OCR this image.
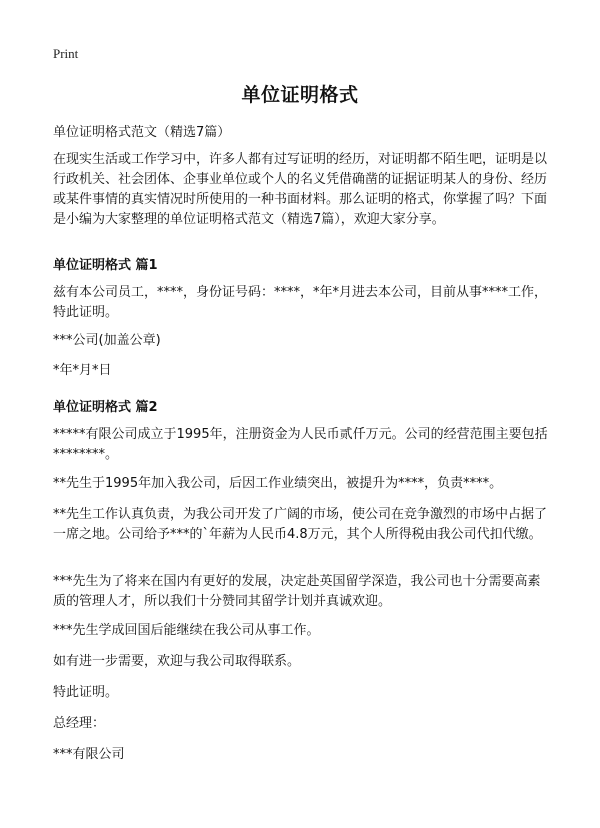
Print
单位证明格式
单位证明格式范文（精选7篇）

在现实生活或工作学习中，许多人都有过写证明的经历，对证明都不陌生吧，证明是以行政机关、社会团体、企事业单位或个人的名义凭借确凿的证据证明某人的身份、经历或某件事情的真实情况时所使用的一种书面材料。那么证明的格式，你掌握了吗？下面是小编为大家整理的单位证明格式范文（精选7篇），欢迎大家分享。

单位证明格式 篇1

兹有本公司员工，****，身份证号码：****，*年*月进去本公司，目前从事****工作，特此证明。

***公司(加盖公章)

*年*月*日

单位证明格式 篇2

*****有限公司成立于1995年，注册资金为人民币贰仟万元。公司的经营范围主要包括********。

**先生于1995年加入我公司，后因工作业绩突出，被提升为****，负责****。

**先生工作认真负责，为我公司开发了广阔的市场，使公司在竞争激烈的市场中占据了一席之地。公司给予***的`年薪为人民币4.8万元，其个人所得税由我公司代扣代缴。

***先生为了将来在国内有更好的发展，决定赴英国留学深造，我公司也十分需要高素质的管理人才，所以我们十分赞同其留学计划并真诚欢迎。

***先生学成回国后能继续在我公司从事工作。

如有进一步需要，欢迎与我公司取得联系。

特此证明。

总经理：

***有限公司
